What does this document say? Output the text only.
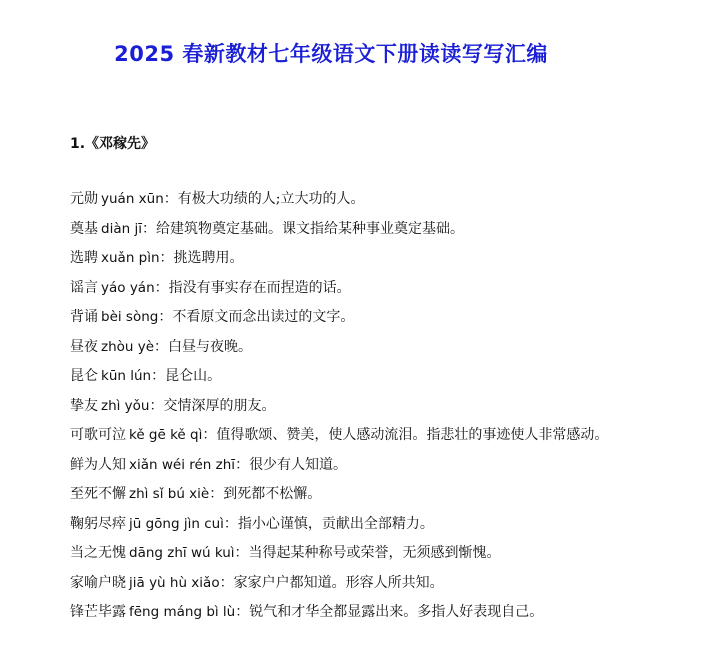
2025 春新教材七年级语文下册读读写写汇编
1.《邓稼先》
元勋 yuán xūn：有极大功绩的人;立大功的人。
奠基 diàn jī：给建筑物奠定基础。课文指给某种事业奠定基础。
选聘 xuǎn pìn：挑选聘用。
谣言 yáo yán：指没有事实存在而捏造的话。
背诵 bèi sòng：不看原文而念出读过的文字。
昼夜 zhòu yè：白昼与夜晚。
昆仑 kūn lún：昆仑山。
挚友 zhì yǒu：交情深厚的朋友。
可歌可泣 kě gē kě qì：值得歌颂、赞美，使人感动流泪。指悲壮的事迹使人非常感动。
鲜为人知 xiǎn wéi rén zhī：很少有人知道。
至死不懈 zhì sǐ bú xiè：到死都不松懈。
鞠躬尽瘁 jū gōng jìn cuì：指小心谨慎，贡献出全部精力。
当之无愧 dāng zhī wú kuì：当得起某种称号或荣誉，无须感到惭愧。
家喻户晓 jiā yù hù xiǎo：家家户户都知道。形容人所共知。
锋芒毕露 fēng máng bì lù：锐气和才华全都显露出来。多指人好表现自己。
